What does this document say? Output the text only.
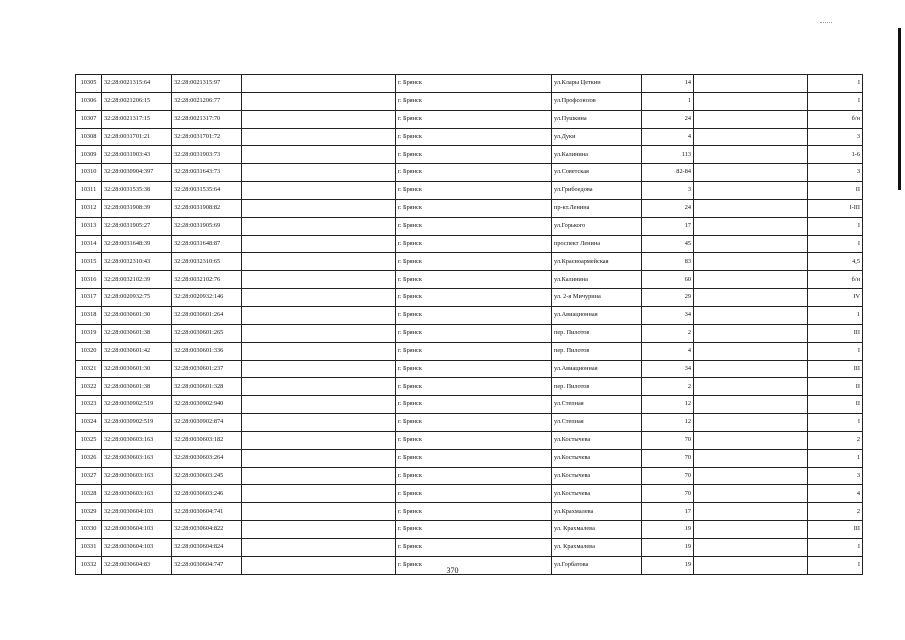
10305	32:28:0021315:64	32:28:0021315:97		г. Брянск	ул.Клары Цеткин	14		I
10306	32:28:0021206:15	32:28:0021206:77		г. Брянск	ул.Профсоюзов	1		I
10307	32:28:0021317:15	32:28:0021317:70		г. Брянск	ул.Пушкина	24		б/н
10308	32:28:0031701:21	32:28:0031701:72		г. Брянск	ул.Дуки	4		3
10309	32:28:0031903:43	32:28:0031903:73		г. Брянск	ул.Калинина	113		1-6
10310	32:28:0030904:397	32:28:0031643:73		г. Брянск	ул.Советская	82-84		3
10311	32:28:0031535:38	32:28:0031535:64		г. Брянск	ул.Грибоедова	3		II
10312	32:28:0031908:39	32:28:0031908:82		г. Брянск	пр-кт.Ленина	24		I-III
10313	32:28:0031905:27	32:28:0031905:69		г. Брянск	ул.Горького	17		I
10314	32:28:0031648:39	32:28:0031648:87		г. Брянск	проспект Ленина	45		I
10315	32:28:0032310:43	32:28:0032310:65		г. Брянск	ул.Красноармейская	83		4,5
10316	32:28:0032102:39	32:28:0032102:76		г. Брянск	ул.Калинина	60		б/н
10317	32:28:0020932:75	32:28:0020932:146		г. Брянск	ул. 2-я Мичурина	29		IV
10318	32:28:0030601:30	32:28:0030601:264		г. Брянск	ул.Авиационная	34		1
10319	32:28:0030601:38	32:28:0030601:265		г. Брянск	пер. Пилотов	2		III
10320	32:28:0030601:42	32:28:0030601:336		г. Брянск	пер. Пилотов	4		I
10321	32:28:0030601:30	32:28:0030601:237		г. Брянск	ул.Авиационная	34		III
10322	32:28:0030601:38	32:28:0030601:328		г. Брянск	пер. Пилотов	2		II
10323	32:28:0030902:519	32:28:0030902:940		г. Брянск	ул.Степная	12		II
10324	32:28:0030902:519	32:28:0030902:874		г. Брянск	ул.Степная	12		I
10325	32:28:0030603:163	32:28:0030603:182		г. Брянск	ул.Костычева	70		2
10326	32:28:0030603:163	32:28:0030603:264		г. Брянск	ул.Костычева	70		1
10327	32:28:0030603:163	32:28:0030603:245		г. Брянск	ул.Костычева	70		3
10328	32:28:0030603:163	32:28:0030603:246		г. Брянск	ул.Костычева	70		4
10329	32:28:0030604:103	32:28:0030604:741		г. Брянск	ул.Крахмалева	17		2
10330	32:28:0030604:103	32:28:0030604:822		г. Брянск	ул. Крахмалева	19		III
10331	32:28:0030604:103	32:28:0030604:824		г. Брянск	ул. Крахмалева	19		I
10332	32:28:0030604:83	32:28:0030604:747		г. Брянск	ул.Горбатова	19		I
370
